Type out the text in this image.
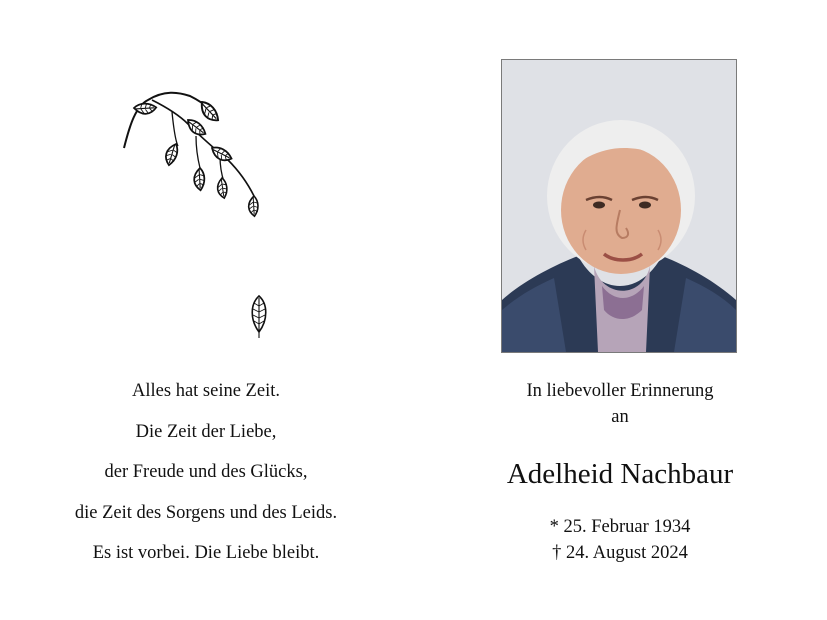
Alles hat seine Zeit.
Die Zeit der Liebe,
der Freude und des Glücks,
die Zeit des Sorgens und des Leids.
Es ist vorbei. Die Liebe bleibt.
In liebevoller Erinnerung
an
Adelheid Nachbaur
* 25. Februar 1934
† 24. August 2024
